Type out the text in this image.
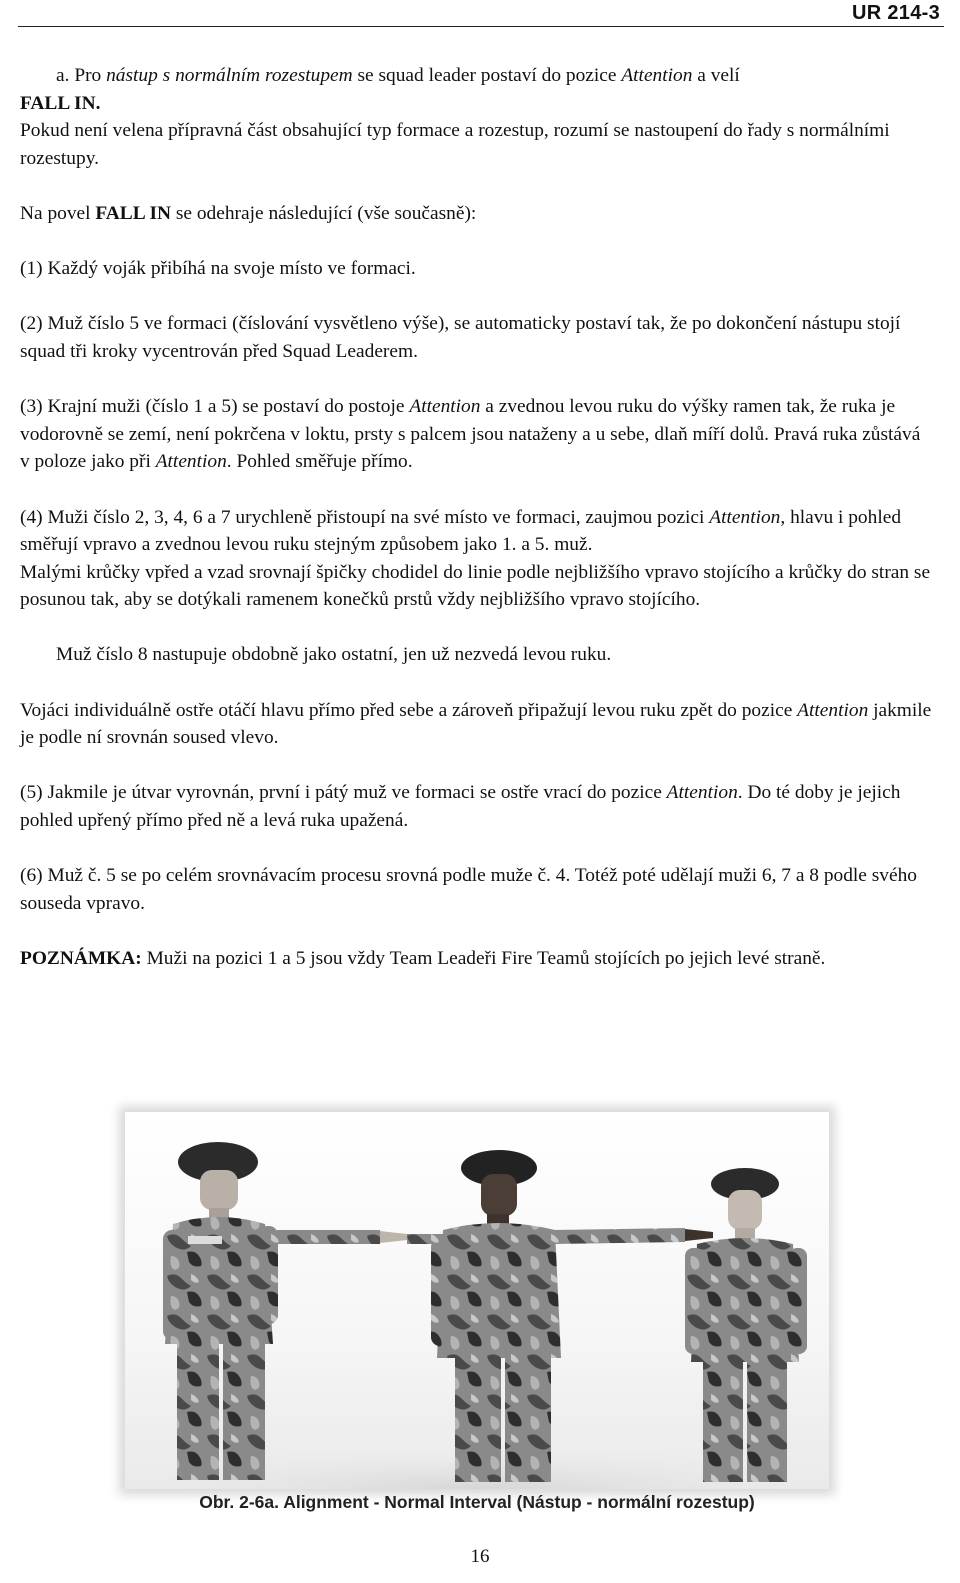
UR 214-3

a. Pro nástup s normálním rozestupem se squad leader postaví do pozice Attention a velí

FALL IN.

Pokud není velena přípravná část obsahující typ formace a rozestup, rozumí se nastoupení do řady s normálními rozestupy.

Na povel FALL IN se odehraje následující (vše současně):

(1) Každý voják přibíhá na svoje místo ve formaci.

(2) Muž číslo 5 ve formaci (číslování vysvětleno výše), se automaticky postaví tak, že po dokončení nástupu stojí squad tři kroky vycentrován před Squad Leaderem.

(3) Krajní muži (číslo 1 a 5) se postaví do postoje Attention a zvednou levou ruku do výšky ramen tak, že ruka je vodorovně se zemí, není pokrčena v loktu, prsty s palcem jsou nataženy a u sebe, dlaň míří dolů. Pravá ruka zůstává v poloze jako při Attention. Pohled směřuje přímo.

(4) Muži číslo 2, 3, 4, 6 a 7 urychleně přistoupí na své místo ve formaci, zaujmou pozici Attention, hlavu i pohled směřují vpravo a zvednou levou ruku stejným způsobem jako 1. a 5. muž.

Malými krůčky vpřed a vzad srovnají špičky chodidel do linie podle nejbližšího vpravo stojícího a krůčky do stran se posunou tak, aby se dotýkali ramenem konečků prstů vždy nejbližšího vpravo stojícího.

Muž číslo 8 nastupuje obdobně jako ostatní, jen už nezvedá levou ruku.

Vojáci individuálně ostře otáčí hlavu přímo před sebe a zároveň připažují levou ruku zpět do pozice Attention jakmile je podle ní srovnán soused vlevo.

(5) Jakmile je útvar vyrovnán, první i pátý muž ve formaci se ostře vrací do pozice Attention. Do té doby je jejich pohled upřený přímo před ně a levá ruka upažená.

(6) Muž č. 5 se po celém srovnávacím procesu srovná podle muže č. 4. Totéž poté udělají muži 6, 7 a 8 podle svého souseda vpravo.

POZNÁMKA: Muži na pozici 1 a 5 jsou vždy Team Leadeři Fire Teamů stojících po jejich levé straně.

Obr. 2-6a. Alignment - Normal Interval (Nástup - normální rozestup)
16
